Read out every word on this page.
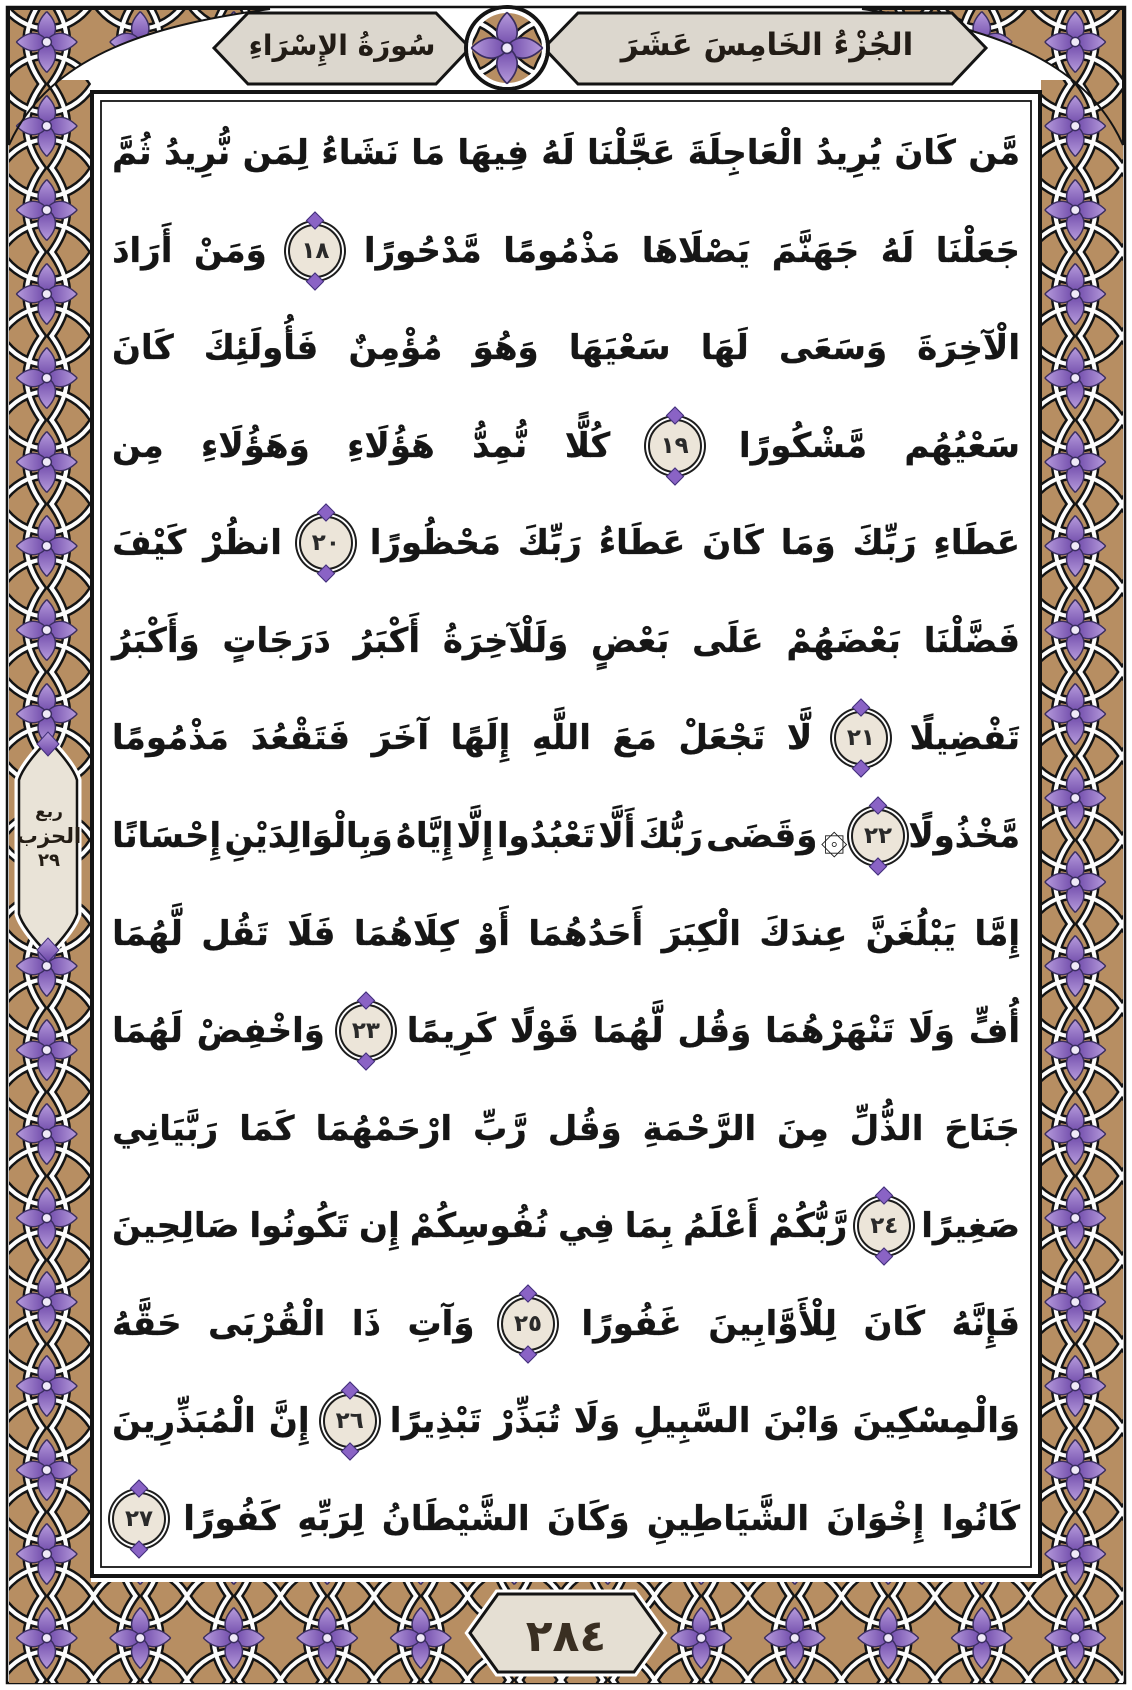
الجُزْءُ الخَامِسَ عَشَرَ
سُورَةُ الإِسْرَاءِ
ربع
الحزب
٢٩
مَّن
كَانَ
يُرِيدُ
الْعَاجِلَةَ
عَجَّلْنَا
لَهُ
فِيهَا
مَا
نَشَاءُ
لِمَن
نُّرِيدُ
ثُمَّ
جَعَلْنَا
لَهُ
جَهَنَّمَ
يَصْلَاهَا
مَذْمُومًا
مَّدْحُورًا
١٨
وَمَنْ
أَرَادَ
الْآخِرَةَ
وَسَعَى
لَهَا
سَعْيَهَا
وَهُوَ
مُؤْمِنٌ
فَأُولَئِكَ
كَانَ
سَعْيُهُم
مَّشْكُورًا
١٩
كُلًّا
نُّمِدُّ
هَؤُلَاءِ
وَهَؤُلَاءِ
مِن
عَطَاءِ
رَبِّكَ
وَمَا
كَانَ
عَطَاءُ
رَبِّكَ
مَحْظُورًا
٢٠
انظُرْ
كَيْفَ
فَضَّلْنَا
بَعْضَهُمْ
عَلَى
بَعْضٍ
وَلَلْآخِرَةُ
أَكْبَرُ
دَرَجَاتٍ
وَأَكْبَرُ
تَفْضِيلًا
٢١
لَّا
تَجْعَلْ
مَعَ
اللَّهِ
إِلَهًا
آخَرَ
فَتَقْعُدَ
مَذْمُومًا
مَّخْذُولًا
٢٢
۞
وَقَضَى
رَبُّكَ
أَلَّا
تَعْبُدُوا
إِلَّا
إِيَّاهُ
وَبِالْوَالِدَيْنِ
إِحْسَانًا
إِمَّا
يَبْلُغَنَّ
عِندَكَ
الْكِبَرَ
أَحَدُهُمَا
أَوْ
كِلَاهُمَا
فَلَا
تَقُل
لَّهُمَا
أُفٍّ
وَلَا
تَنْهَرْهُمَا
وَقُل
لَّهُمَا
قَوْلًا
كَرِيمًا
٢٣
وَاخْفِضْ
لَهُمَا
جَنَاحَ
الذُّلِّ
مِنَ
الرَّحْمَةِ
وَقُل
رَّبِّ
ارْحَمْهُمَا
كَمَا
رَبَّيَانِي
صَغِيرًا
٢٤
رَّبُّكُمْ
أَعْلَمُ
بِمَا
فِي
نُفُوسِكُمْ
إِن
تَكُونُوا
صَالِحِينَ
فَإِنَّهُ
كَانَ
لِلْأَوَّابِينَ
غَفُورًا
٢٥
وَآتِ
ذَا
الْقُرْبَى
حَقَّهُ
وَالْمِسْكِينَ
وَابْنَ
السَّبِيلِ
وَلَا
تُبَذِّرْ
تَبْذِيرًا
٢٦
إِنَّ
الْمُبَذِّرِينَ
كَانُوا
إِخْوَانَ
الشَّيَاطِينِ
وَكَانَ
الشَّيْطَانُ
لِرَبِّهِ
كَفُورًا
٢٧
٢٨٤
